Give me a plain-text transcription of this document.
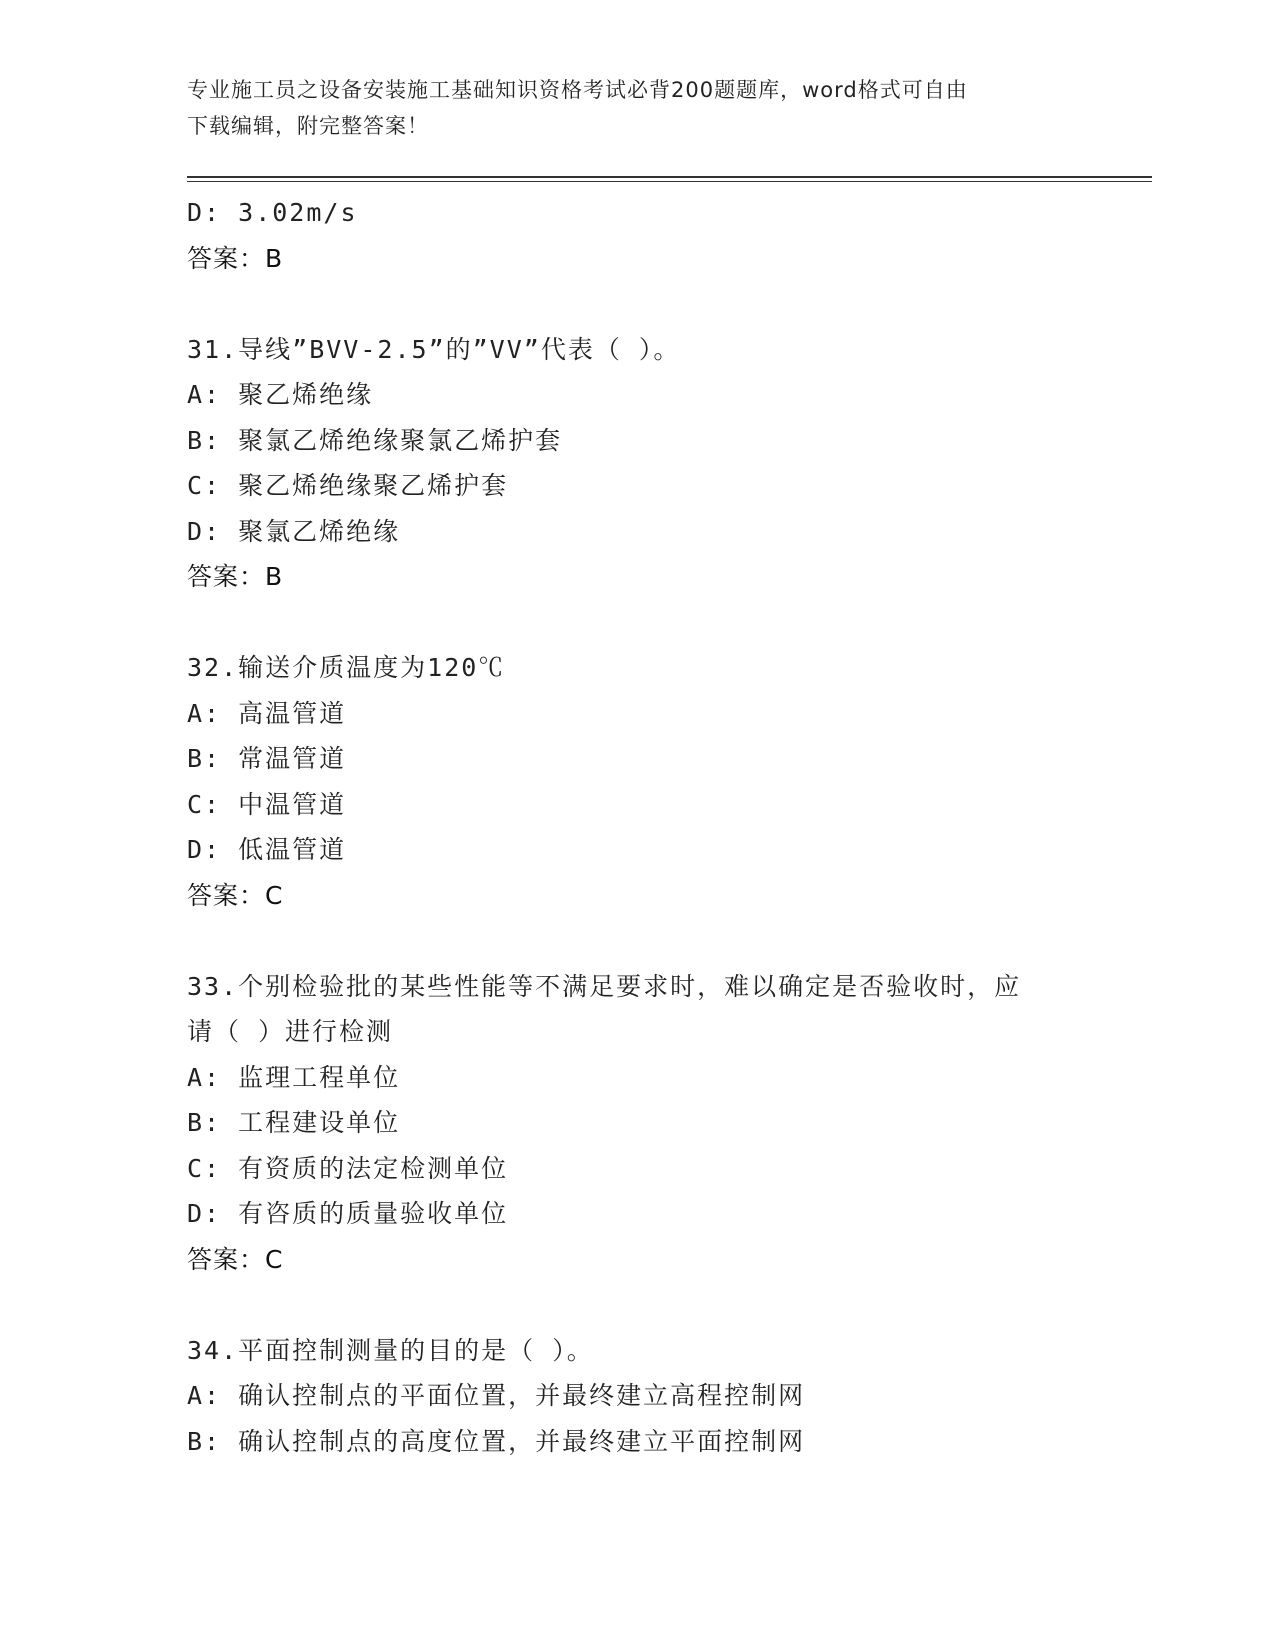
专业施工员之设备安装施工基础知识资格考试必背200题题库，word格式可自由
下载编辑，附完整答案！
D: 3.02m/s
答案：B
31.导线”BVV-2.5”的”VV”代表（ ）。
A: 聚乙烯绝缘
B: 聚氯乙烯绝缘聚氯乙烯护套
C: 聚乙烯绝缘聚乙烯护套
D: 聚氯乙烯绝缘
答案：B
32.输送介质温度为120℃
A: 高温管道
B: 常温管道
C: 中温管道
D: 低温管道
答案：C
33.个别检验批的某些性能等不满足要求时，难以确定是否验收时，应
请（ ）进行检测
A: 监理工程单位
B: 工程建设单位
C: 有资质的法定检测单位
D: 有咨质的质量验收单位
答案：C
34.平面控制测量的目的是（ ）。
A: 确认控制点的平面位置，并最终建立高程控制网
B: 确认控制点的高度位置，并最终建立平面控制网
